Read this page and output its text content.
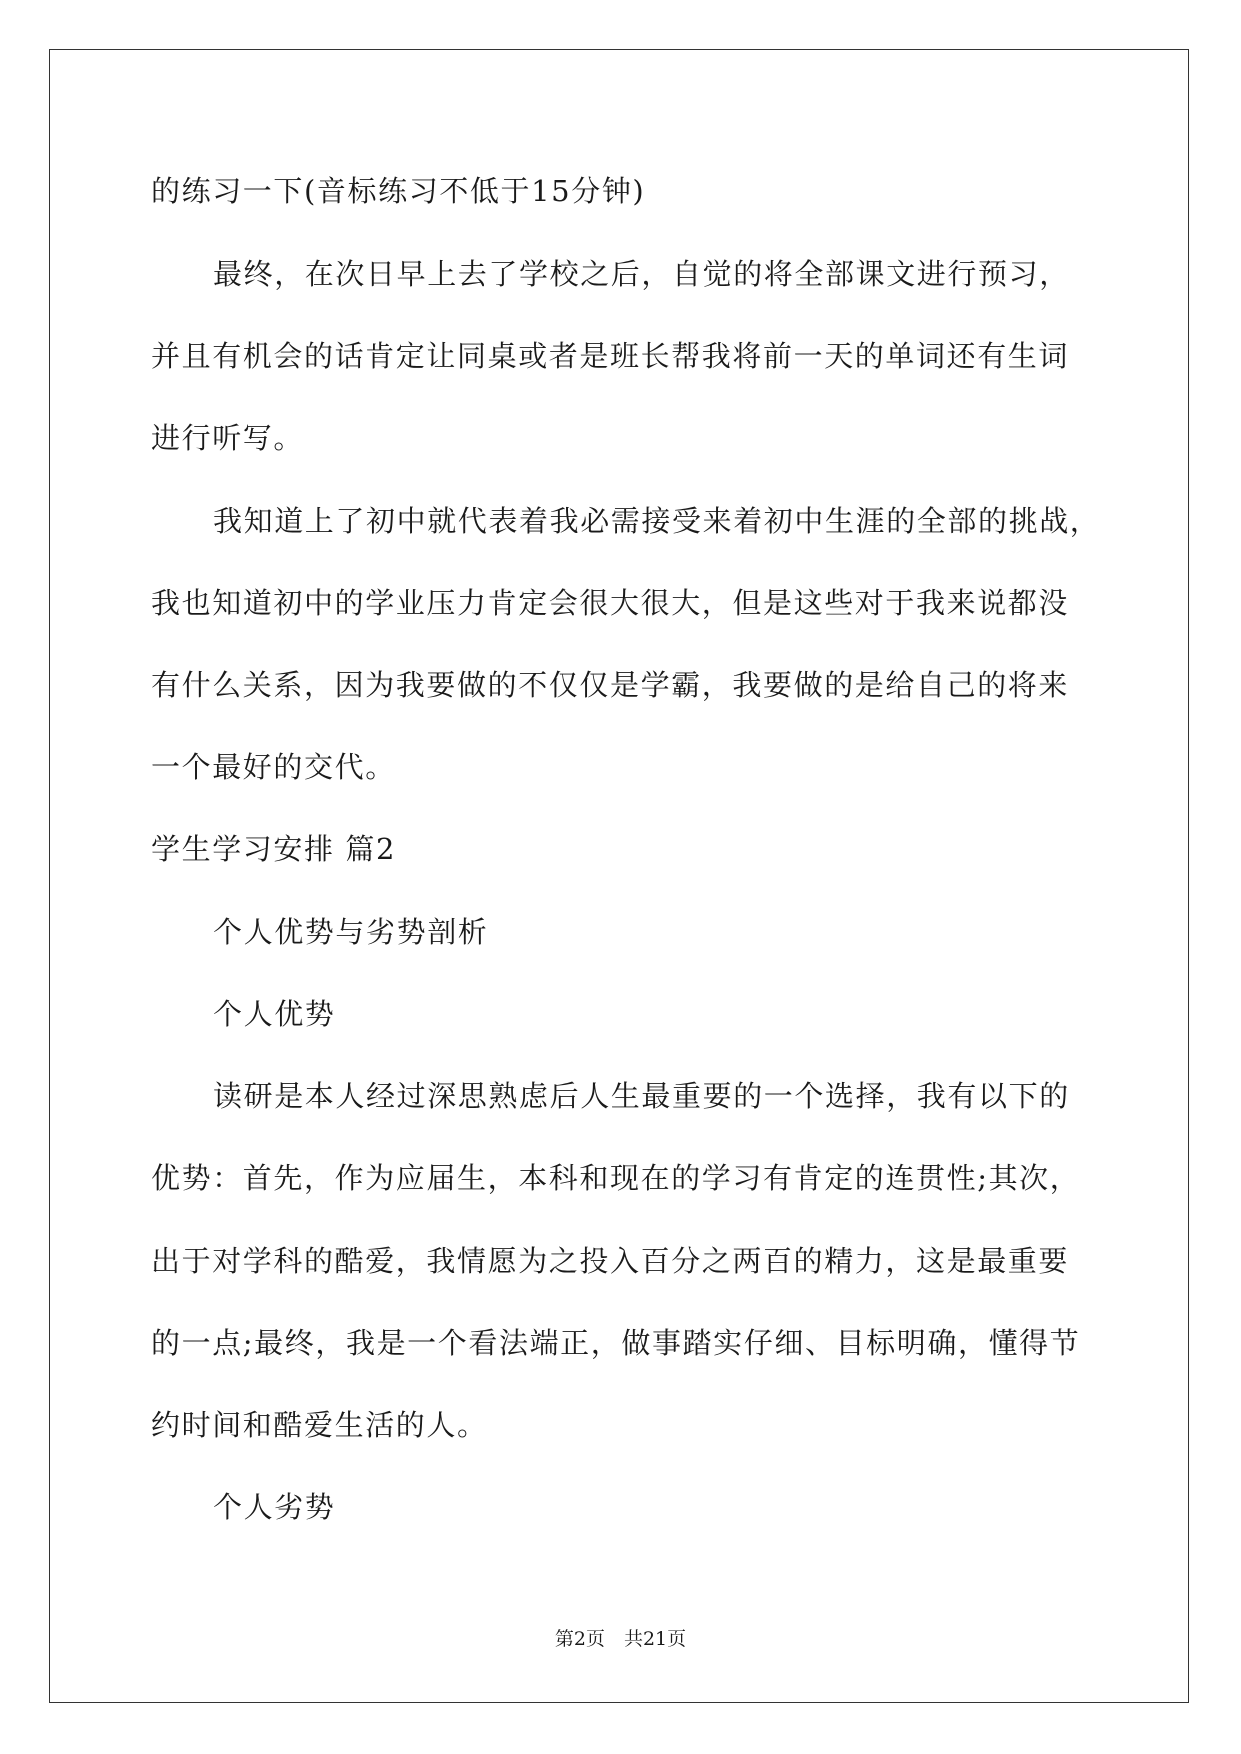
的练习一下(音标练习不低于15分钟)
最终，在次日早上去了学校之后，自觉的将全部课文进行预习，
并且有机会的话肯定让同桌或者是班长帮我将前一天的单词还有生词
进行听写。
我知道上了初中就代表着我必需接受来着初中生涯的全部的挑战，
我也知道初中的学业压力肯定会很大很大，但是这些对于我来说都没
有什么关系，因为我要做的不仅仅是学霸，我要做的是给自己的将来
一个最好的交代。
学生学习安排 篇2
个人优势与劣势剖析
个人优势
读研是本人经过深思熟虑后人生最重要的一个选择，我有以下的
优势：首先，作为应届生，本科和现在的学习有肯定的连贯性;其次，
出于对学科的酷爱，我情愿为之投入百分之两百的精力，这是最重要
的一点;最终，我是一个看法端正，做事踏实仔细、目标明确，懂得节
约时间和酷爱生活的人。
个人劣势
第2页　共21页
